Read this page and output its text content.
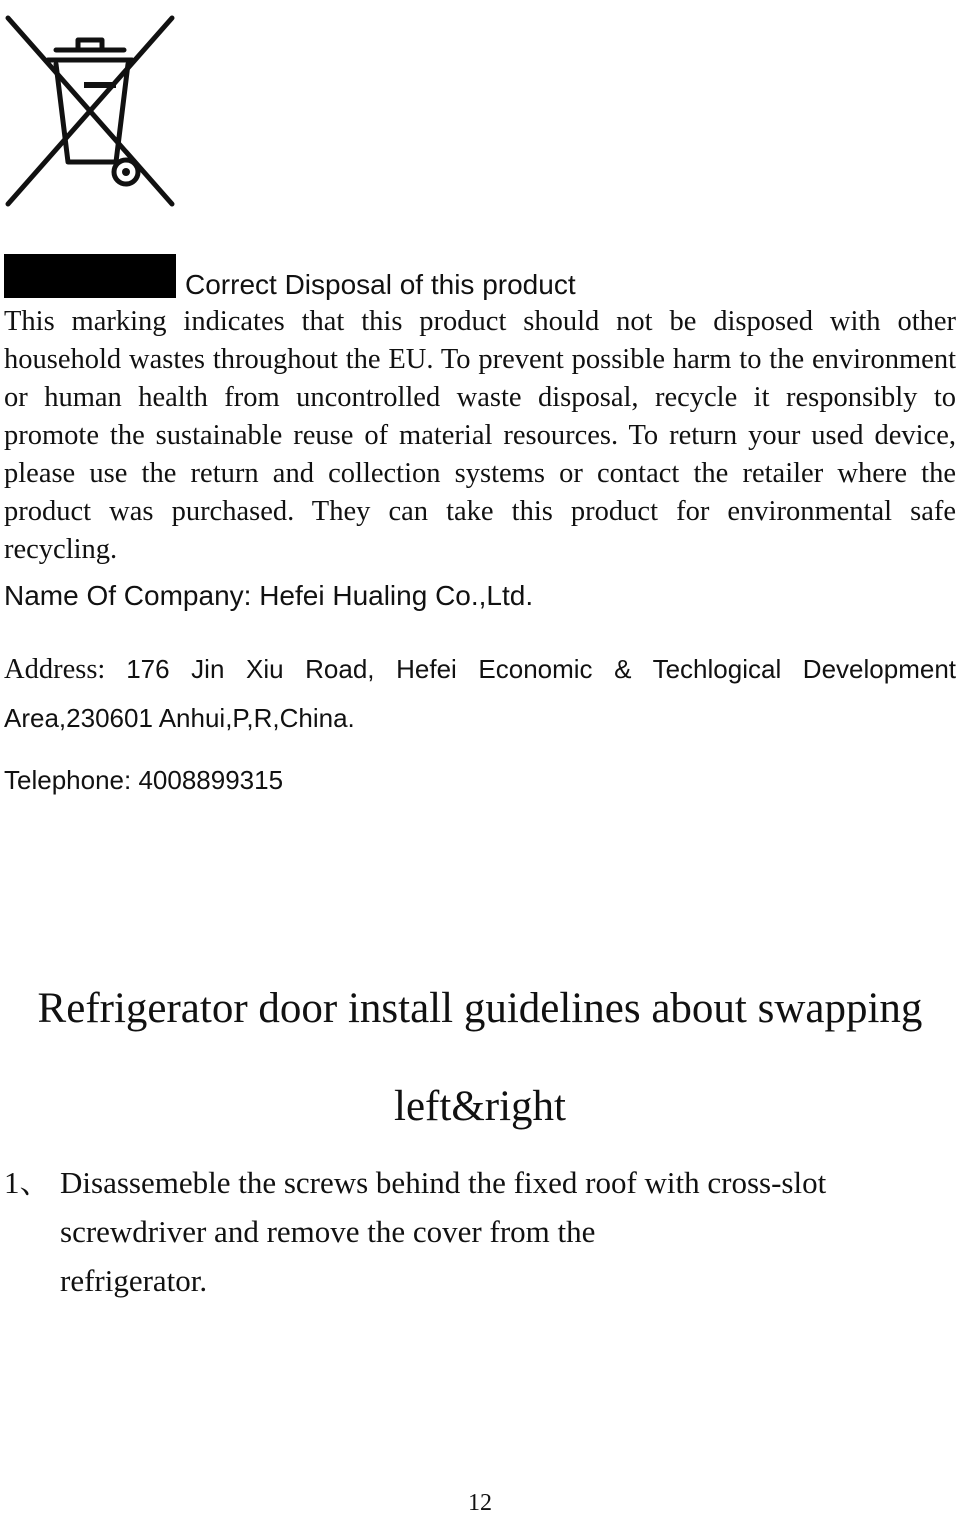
Correct Disposal of this product

This marking indicates that this product should not be disposed with other household wastes throughout the EU. To prevent possible harm to the environment or human health from uncontrolled waste disposal, recycle it responsibly to promote the sustainable reuse of material resources. To return your used device, please use the return and collection systems or contact the retailer where the product was purchased. They can take this product for environmental safe recycling.

Name Of Company: Hefei Hualing Co.,Ltd.

Address: 176 Jin Xiu Road, Hefei Economic & Techlogical Development Area,230601 Anhui,P,R,China.

Telephone: 4008899315
Refrigerator door install guidelines about swapping
left&right
1、 Disassemeble the screws behind the fixed roof with cross-slot
screwdriver and remove the cover from the
refrigerator.
12
